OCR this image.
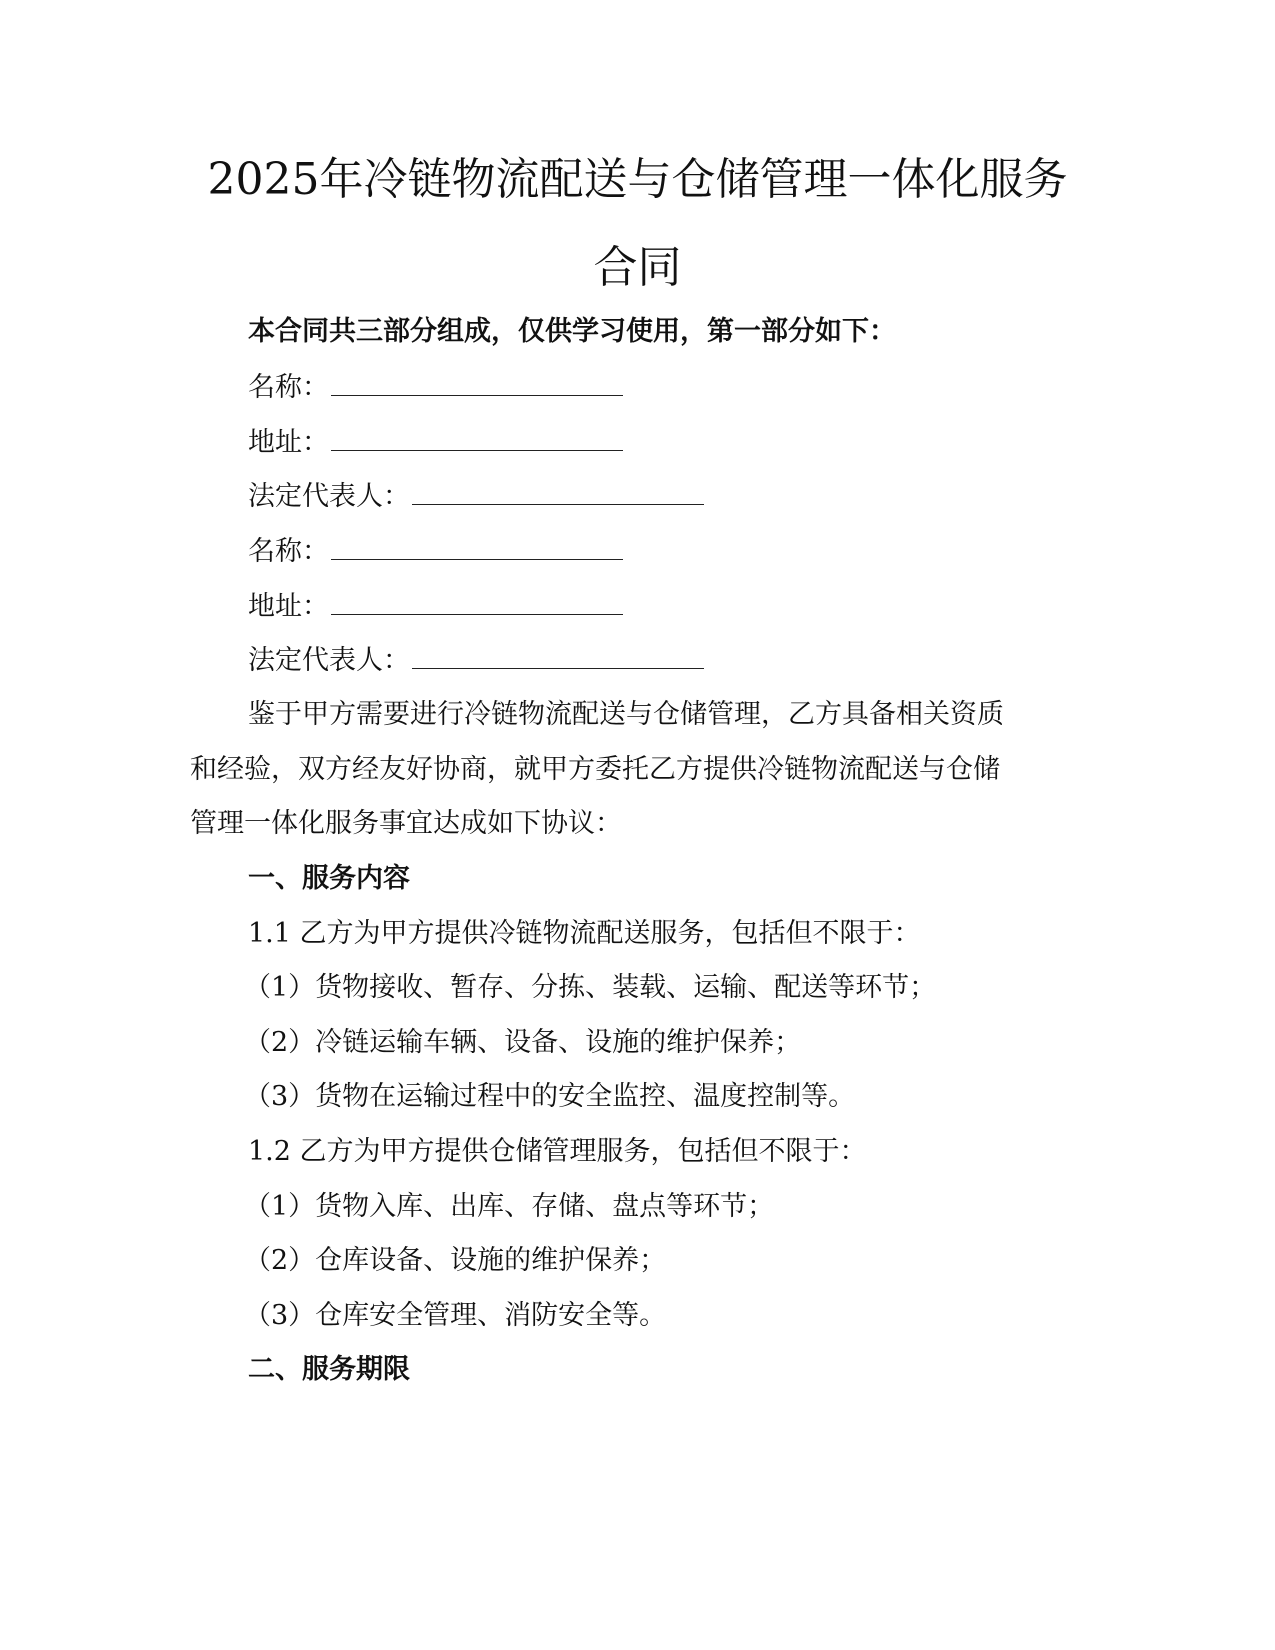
2025年冷链物流配送与仓储管理一体化服务
合同
本合同共三部分组成，仅供学习使用，第一部分如下：
名称：
地址：
法定代表人：
名称：
地址：
法定代表人：
鉴于甲方需要进行冷链物流配送与仓储管理，乙方具备相关资质
和经验，双方经友好协商，就甲方委托乙方提供冷链物流配送与仓储
管理一体化服务事宜达成如下协议：
一、服务内容
1.1 乙方为甲方提供冷链物流配送服务，包括但不限于：
（1）货物接收、暂存、分拣、装载、运输、配送等环节；
（2）冷链运输车辆、设备、设施的维护保养；
（3）货物在运输过程中的安全监控、温度控制等。
1.2 乙方为甲方提供仓储管理服务，包括但不限于：
（1）货物入库、出库、存储、盘点等环节；
（2）仓库设备、设施的维护保养；
（3）仓库安全管理、消防安全等。
二、服务期限
